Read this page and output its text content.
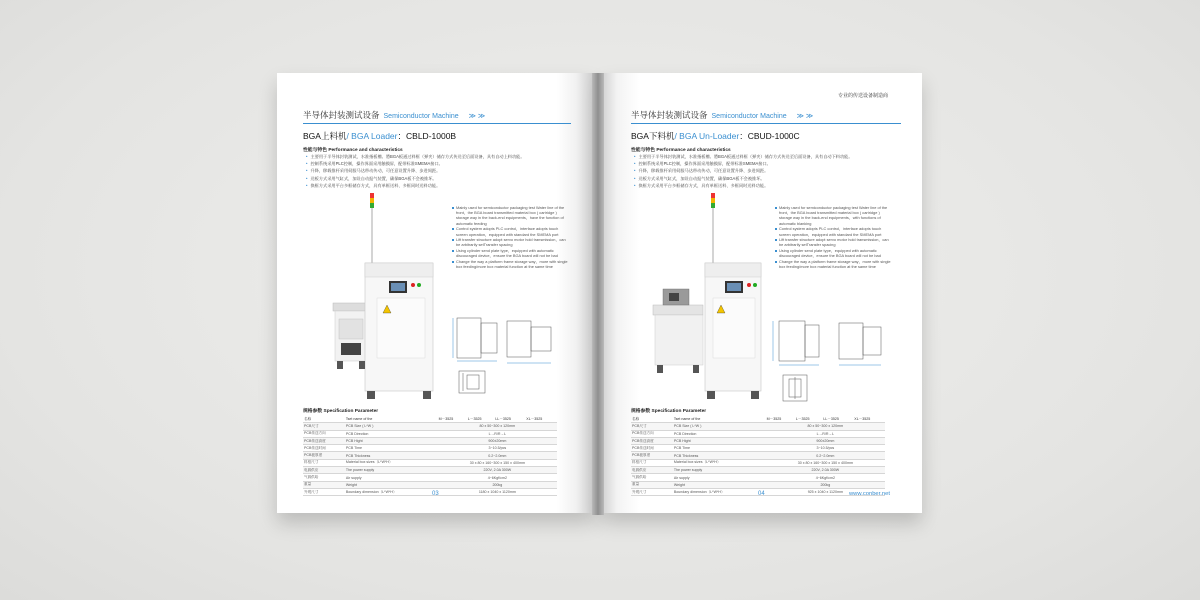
半导体封装测试设备 Semiconductor Machine ≫ ≫
BGA上料机/ BGA Loader：CBLD-1000B
性能与特色 Performance and characteristics
• 主要用于半导体封装测试，水准指板槽。將BGA板通过料框（弹夹）储存方式传送至后面设备，具有自动上料功能。
• 控制系统采用PLC控制，操作界面采用触摸屏，配带标准SMEMA接口。
• 升降，移载推杆采用伺服马达带动传动，可任意设置升降、步进间距。
• 送板方式采用气缸式，加设自动报气装置，确保BGA板不会被推坏。
• 换框方式采用平台多框储存方式，具有单框送料、多框同时送料功能。
Mainly used for semiconductor packaging test Water line of the front，the BGA board transmitted material box ( cartridge ) storage way in the back-end equipments，have the function of automatic feeding
Control system adopts PLC control，interface adopts touch screen operation，equipped with standard the SMEMA port
Lift transfer structure adopt servo motor hold transmission，can be arbitrarily setTransfer spacing
Using cylinder send plate type，equipped with automatic discouraged device，ensure the BGA board will not be bad
Change the way a platform frame storage way，more with single box feeding/more box material function at the same time
规格参数 Specification Parameter
名称	Tset name of the	M－3525	L－3525	LL－3525	XL－3525
PCB尺寸	PCB Size ( L*W )	80 x 50~300 x 120mm			
PCB传送方向	PCB Direction	L→R/R→L			
PCB传送高度	PCB Hight	900±20mm			
PCB传送时间	PCB Time	3~10.5/pcs			
PCB板厚度	PCB Thickness	0.2~2.0mm			
料框尺寸	Material box sizes（L*W*H）	30 x 80 x 160~300 x 150 x 400mm			
电源供应	The power supply	220V, 2.0A 300W			
气源供给	Air supply	4~6Kgf/cm2			
重量	Weight	200kg			
外观尺寸	Boundary dimension（L*W*H）	1180 x 1040 x 1120mm			
03
专业的传送设备制造商
半导体封装测试设备 Semiconductor Machine ≫ ≫
BGA下料机/ BGA Un-Loader：CBUD-1000C
性能与特色 Performance and characteristics
• 主要用于半导体封装测试，水准指板槽。將BGA板通过料框（弹夹）储存方式传送至后面设备，具有自动下料功能。
• 控制系统采用PLC控制，操作界面采用触摸屏，配带标准SMEMA接口。
• 升降，移载推杆采用伺服马达带动传动，可任意设置升降、步进间距。
• 送板方式采用气缸式，加设自动报气装置，确保BGA板不会被推坏。
• 换框方式采用平台多框储存方式，具有单框送料、多框同时送料功能。
Mainly used for semiconductor packaging test Water line of the front，the BGA board transmitted material box ( cartridge ) storage way in the back-end equipments，with functions of automatic blanking
Control system adopts PLC control，interface adopts touch screen operation，equipped with standard the SMEMA port
Lift transfer structure adopt servo motor hold transmission，can be arbitrarily setTransfer spacing
Using cylinder send plate type，equipped with automatic discouraged device，ensure the BGA board will not be bad
Change the way a platform frame storage way，more with single box feeding/more box material function at the same time
规格参数 Specification Parameter
名称	Tset name of the	M－3525	L－3525	LL－3525	XL－3525
PCB尺寸	PCB Size ( L*W )	80 x 50~300 x 120mm			
PCB传送方向	PCB Direction	L→R/R→L			
PCB传送高度	PCB Hight	900±20mm			
PCB传送时间	PCB Time	3~10.5/pcs			
PCB板厚度	PCB Thickness	0.2~2.0mm			
料框尺寸	Material box sizes（L*W*H）	30 x 80 x 160~300 x 150 x 400mm			
电源供应	The power supply	220V, 2.0A 300W			
气源供给	Air supply	4~6Kgf/cm2			
重量	Weight	200kg			
外观尺寸	Boundary dimension（L*W*H）	925 x 1040 x 1120mm			
04	www.conber.net
